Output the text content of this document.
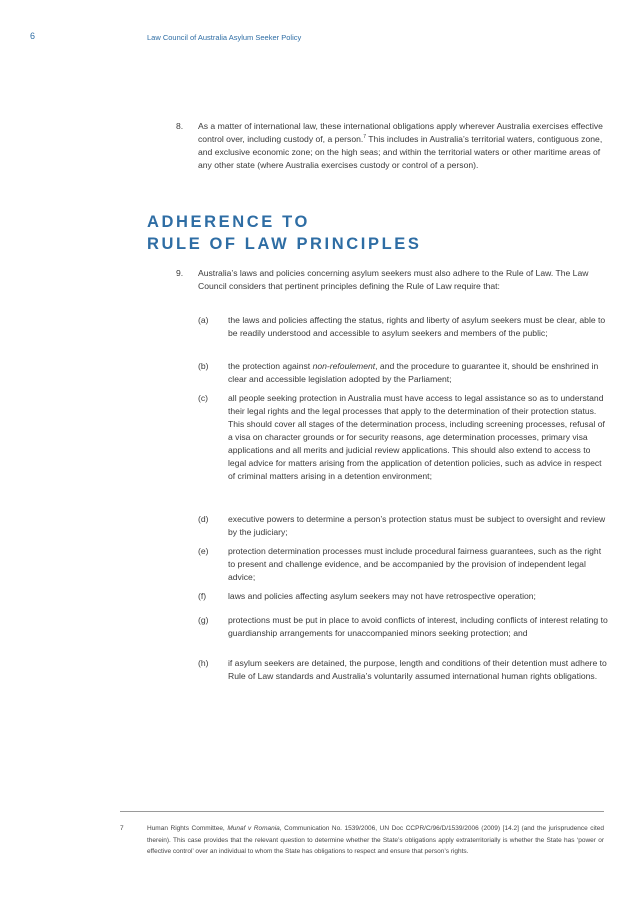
6	Law Council of Australia Asylum Seeker Policy
8. As a matter of international law, these international obligations apply wherever Australia exercises effective control over, including custody of, a person.$^7$ This includes in Australia’s territorial waters, contiguous zone, and exclusive economic zone; on the high seas; and within the territorial waters or other maritime areas of any other state (where Australia exercises custody or control of a person).
ADHERENCE TO
RULE OF LAW PRINCIPLES
9. Australia’s laws and policies concerning asylum seekers must also adhere to the Rule of Law. The Law Council considers that pertinent principles defining the Rule of Law require that:
(a) the laws and policies affecting the status, rights and liberty of asylum seekers must be clear, able to be readily understood and accessible to asylum seekers and members of the public;
(b) the protection against non-refoulement, and the procedure to guarantee it, should be enshrined in clear and accessible legislation adopted by the Parliament;
(c) all people seeking protection in Australia must have access to legal assistance so as to understand their legal rights and the legal processes that apply to the determination of their protection status. This should cover all stages of the determination process, including screening processes, refusal of a visa on character grounds or for security reasons, age determination processes, primary visa applications and all merits and judicial review applications. This should also extend to access to legal advice for matters arising from the application of detention policies, such as advice in respect of criminal matters arising in a detention environment;
(d) executive powers to determine a person’s protection status must be subject to oversight and review by the judiciary;
(e) protection determination processes must include procedural fairness guarantees, such as the right to present and challenge evidence, and be accompanied by the provision of independent legal advice;
(f)	laws and policies affecting asylum seekers may not have retrospective operation;
(g) protections must be put in place to avoid conflicts of interest, including conflicts of interest relating to guardianship arrangements for unaccompanied minors seeking protection; and
(h) if asylum seekers are detained, the purpose, length and conditions of their detention must adhere to Rule of Law standards and Australia’s voluntarily assumed international human rights obligations.
7	Human Rights Committee, Munaf v Romania, Communication No. 1539/2006, UN Doc CCPR/C/96/D/1539/2006 (2009) [14.2] (and the jurisprudence cited therein). This case provides that the relevant question to determine whether the State’s obligations apply extraterritorially is whether the State has ‘power or effective control’ over an individual to whom the State has obligations to respect and ensure that person’s rights.
